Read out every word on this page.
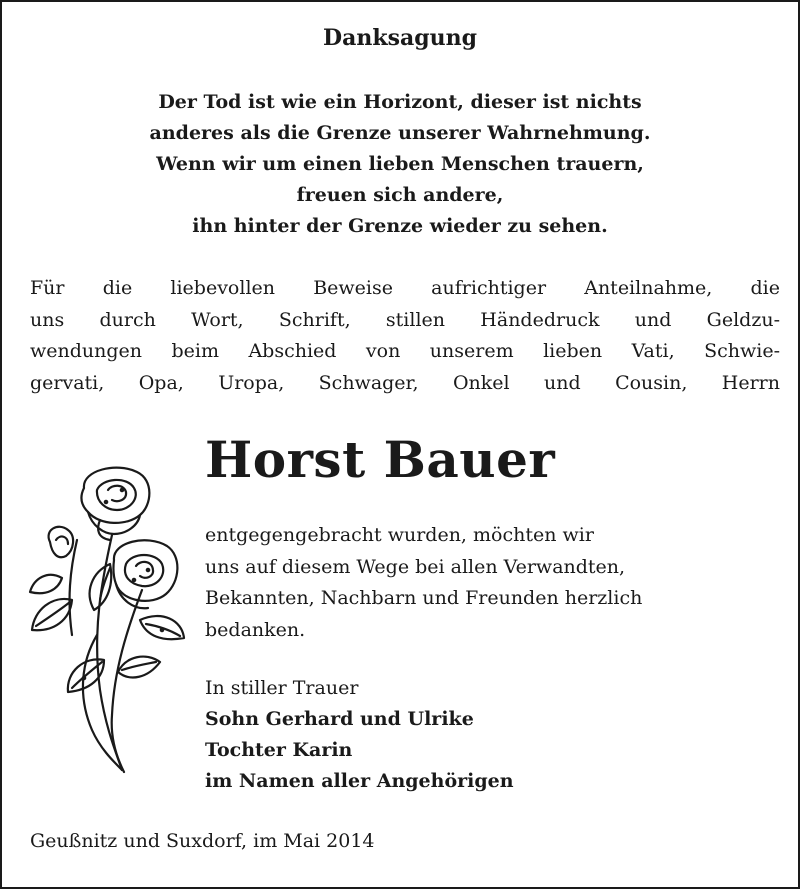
Danksagung
Der Tod ist wie ein Horizont, dieser ist nichts
anderes als die Grenze unserer Wahrnehmung.
Wenn wir um einen lieben Menschen trauern,
freuen sich andere,
ihn hinter der Grenze wieder zu sehen.
Für die liebevollen Beweise aufrichtiger Anteilnahme, die
uns durch Wort, Schrift, stillen Händedruck und Geldzu-
wendungen beim Abschied von unserem lieben Vati, Schwie-
gervati, Opa, Uropa, Schwager, Onkel und Cousin, Herrn
Horst Bauer
entgegengebracht wurden, möchten wir
uns auf diesem Wege bei allen Verwandten,
Bekannten, Nachbarn und Freunden herzlich
bedanken.
In stiller Trauer
Sohn Gerhard und Ulrike
Tochter Karin
im Namen aller Angehörigen
Geußnitz und Suxdorf, im Mai 2014
